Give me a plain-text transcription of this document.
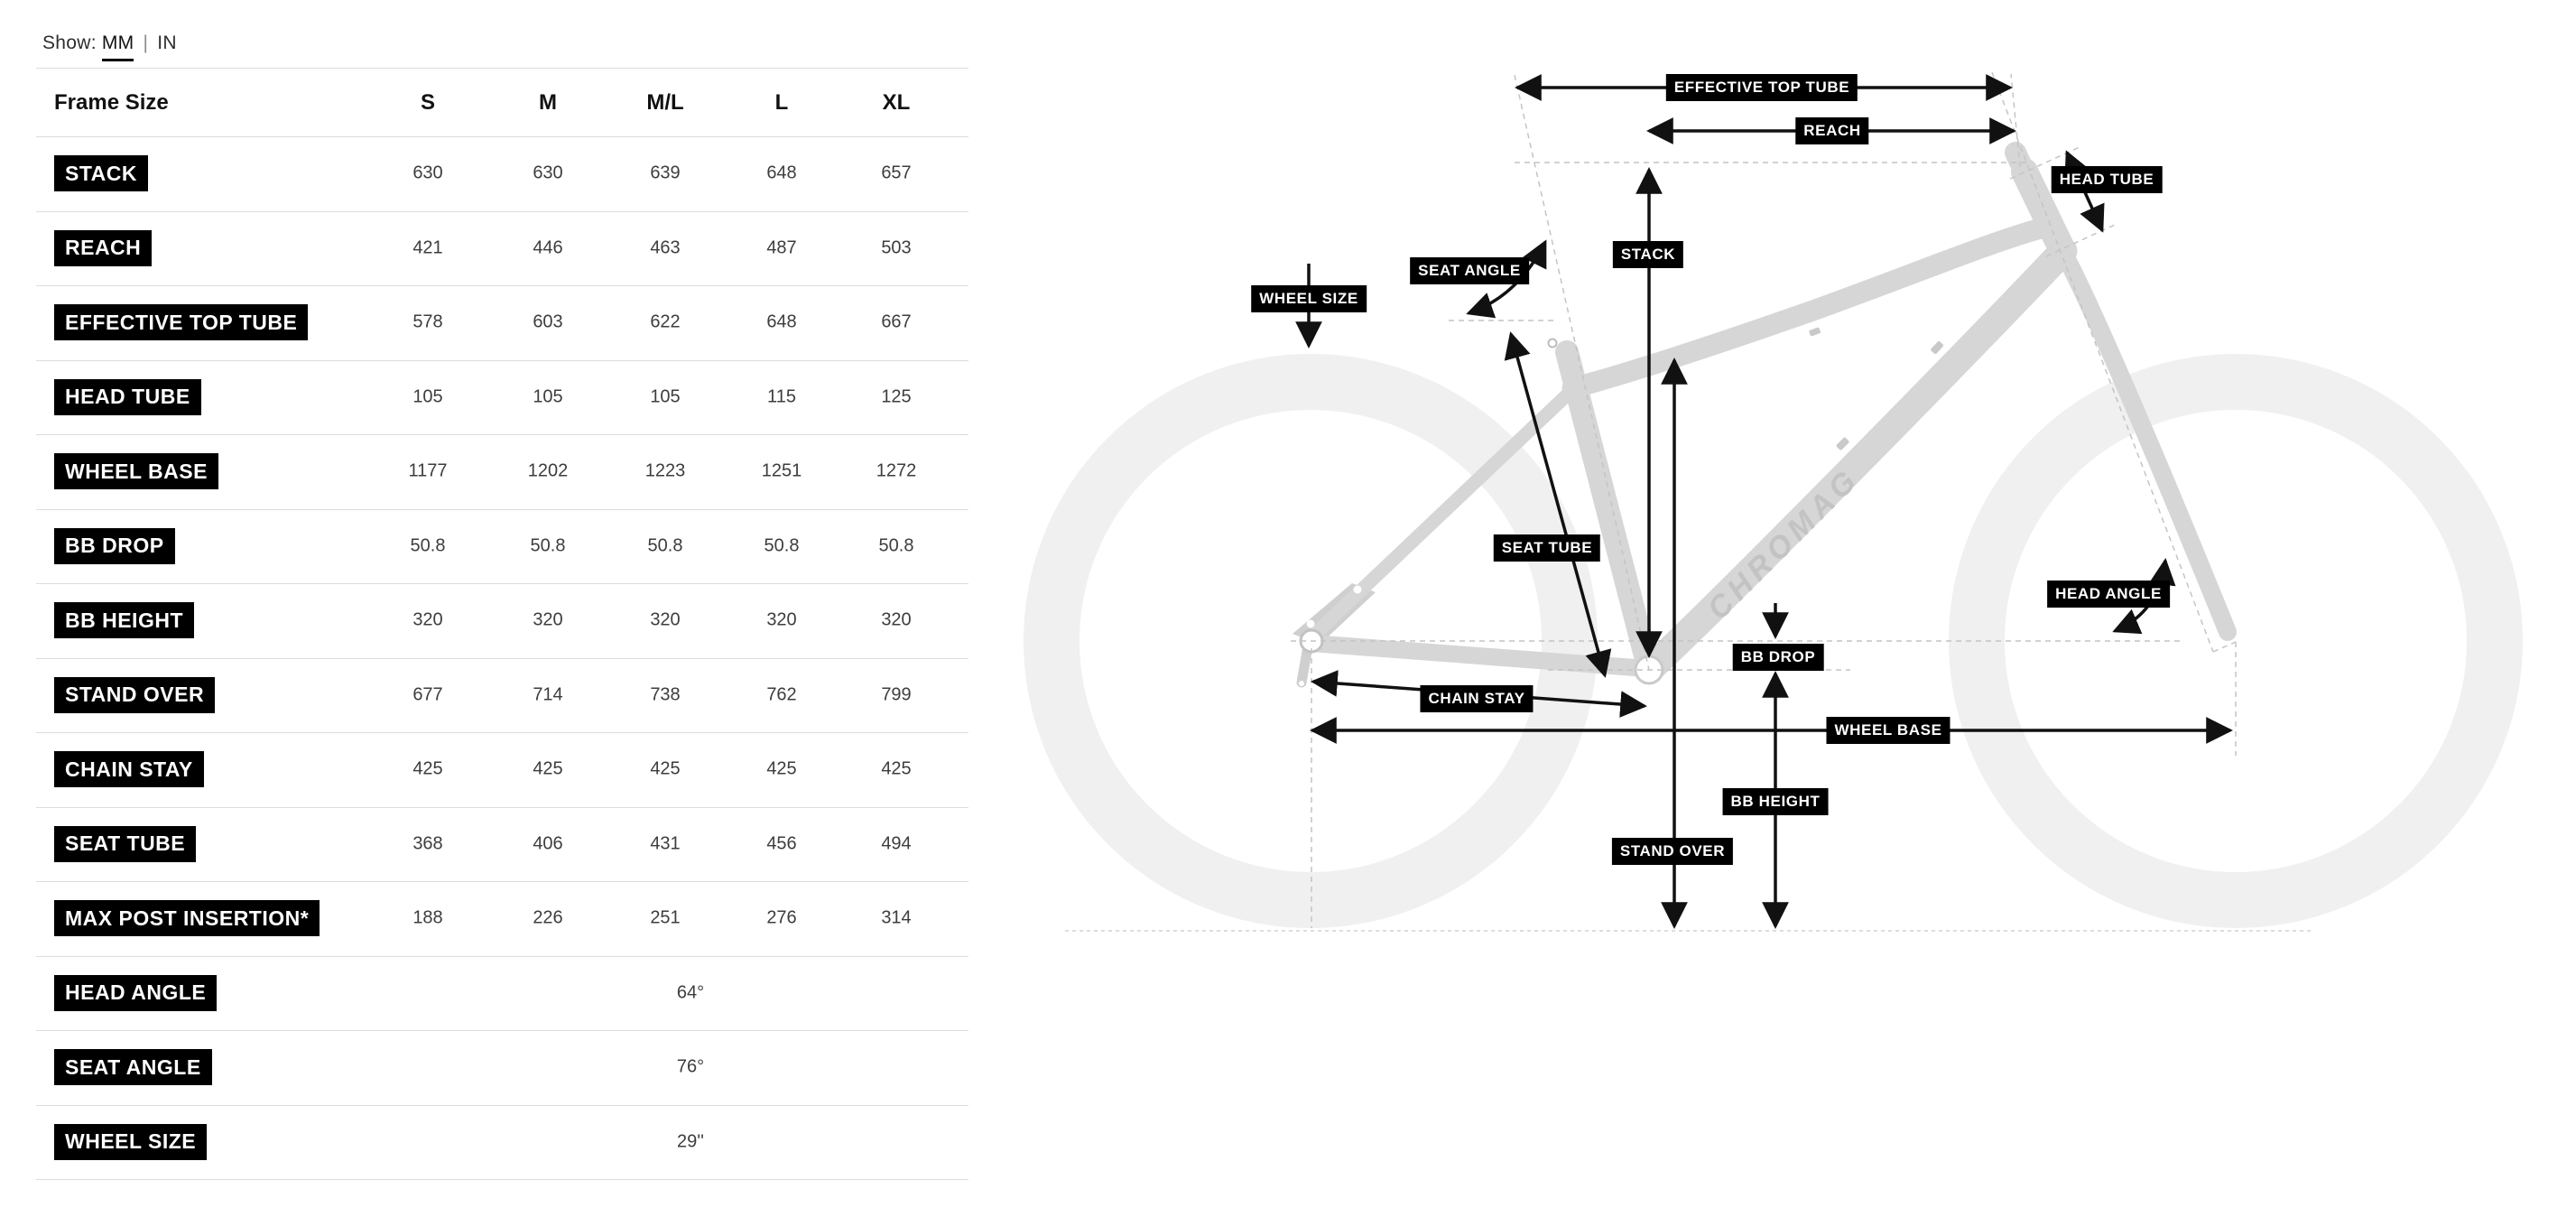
Show: MM | IN
Frame Size	S	M	M/L	L	XL
STACK	630	630	639	648	657
REACH	421	446	463	487	503
EFFECTIVE TOP TUBE	578	603	622	648	667
HEAD TUBE	105	105	105	115	125
WHEEL BASE	1177	1202	1223	1251	1272
BB DROP	50.8	50.8	50.8	50.8	50.8
BB HEIGHT	320	320	320	320	320
STAND OVER	677	714	738	762	799
CHAIN STAY	425	425	425	425	425
SEAT TUBE	368	406	431	456	494
MAX POST INSERTION*	188	226	251	276	314
HEAD ANGLE	64°
SEAT ANGLE	76°
WHEEL SIZE	29''
CHROMAG
EFFECTIVE TOP TUBE
REACH
HEAD TUBE
STACK
SEAT ANGLE
WHEEL SIZE
SEAT TUBE
HEAD ANGLE
CHAIN STAY
BB DROP
WHEEL BASE
BB HEIGHT
STAND OVER
